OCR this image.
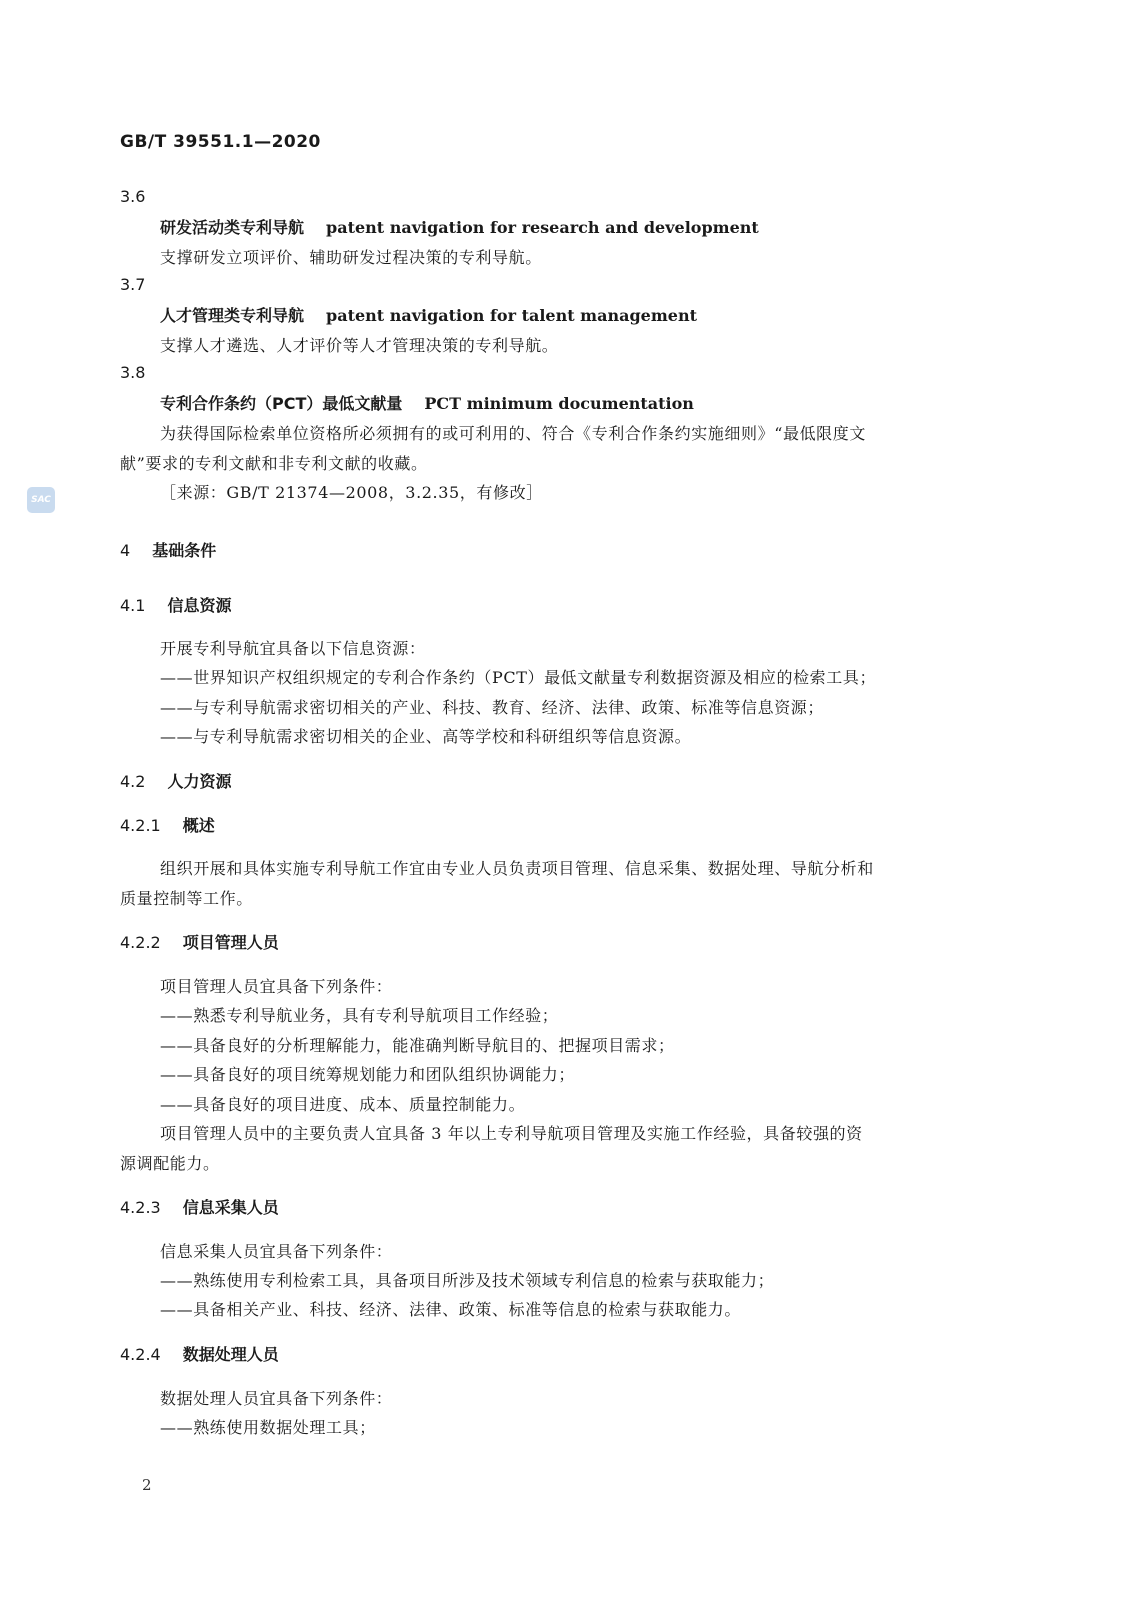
GB/T 39551.1—2020
3.6
研发活动类专利导航 patent navigation for research and development
支撑研发立项评价、辅助研发过程决策的专利导航。
3.7
人才管理类专利导航 patent navigation for talent management
支撑人才遴选、人才评价等人才管理决策的专利导航。
3.8
专利合作条约（PCT）最低文献量 PCT minimum documentation
为获得国际检索单位资格所必须拥有的或可利用的、符合《专利合作条约实施细则》“最低限度文
献”要求的专利文献和非专利文献的收藏。
［来源：GB/T 21374—2008，3.2.35，有修改］
SAC
4 基础条件
4.1 信息资源
开展专利导航宜具备以下信息资源：
——世界知识产权组织规定的专利合作条约（PCT）最低文献量专利数据资源及相应的检索工具；
——与专利导航需求密切相关的产业、科技、教育、经济、法律、政策、标准等信息资源；
——与专利导航需求密切相关的企业、高等学校和科研组织等信息资源。
4.2 人力资源
4.2.1 概述
组织开展和具体实施专利导航工作宜由专业人员负责项目管理、信息采集、数据处理、导航分析和
质量控制等工作。
4.2.2 项目管理人员
项目管理人员宜具备下列条件：
——熟悉专利导航业务，具有专利导航项目工作经验；
——具备良好的分析理解能力，能准确判断导航目的、把握项目需求；
——具备良好的项目统筹规划能力和团队组织协调能力；
——具备良好的项目进度、成本、质量控制能力。
项目管理人员中的主要负责人宜具备 3 年以上专利导航项目管理及实施工作经验，具备较强的资
源调配能力。
4.2.3 信息采集人员
信息采集人员宜具备下列条件：
——熟练使用专利检索工具，具备项目所涉及技术领域专利信息的检索与获取能力；
——具备相关产业、科技、经济、法律、政策、标准等信息的检索与获取能力。
4.2.4 数据处理人员
数据处理人员宜具备下列条件：
——熟练使用数据处理工具；
2
